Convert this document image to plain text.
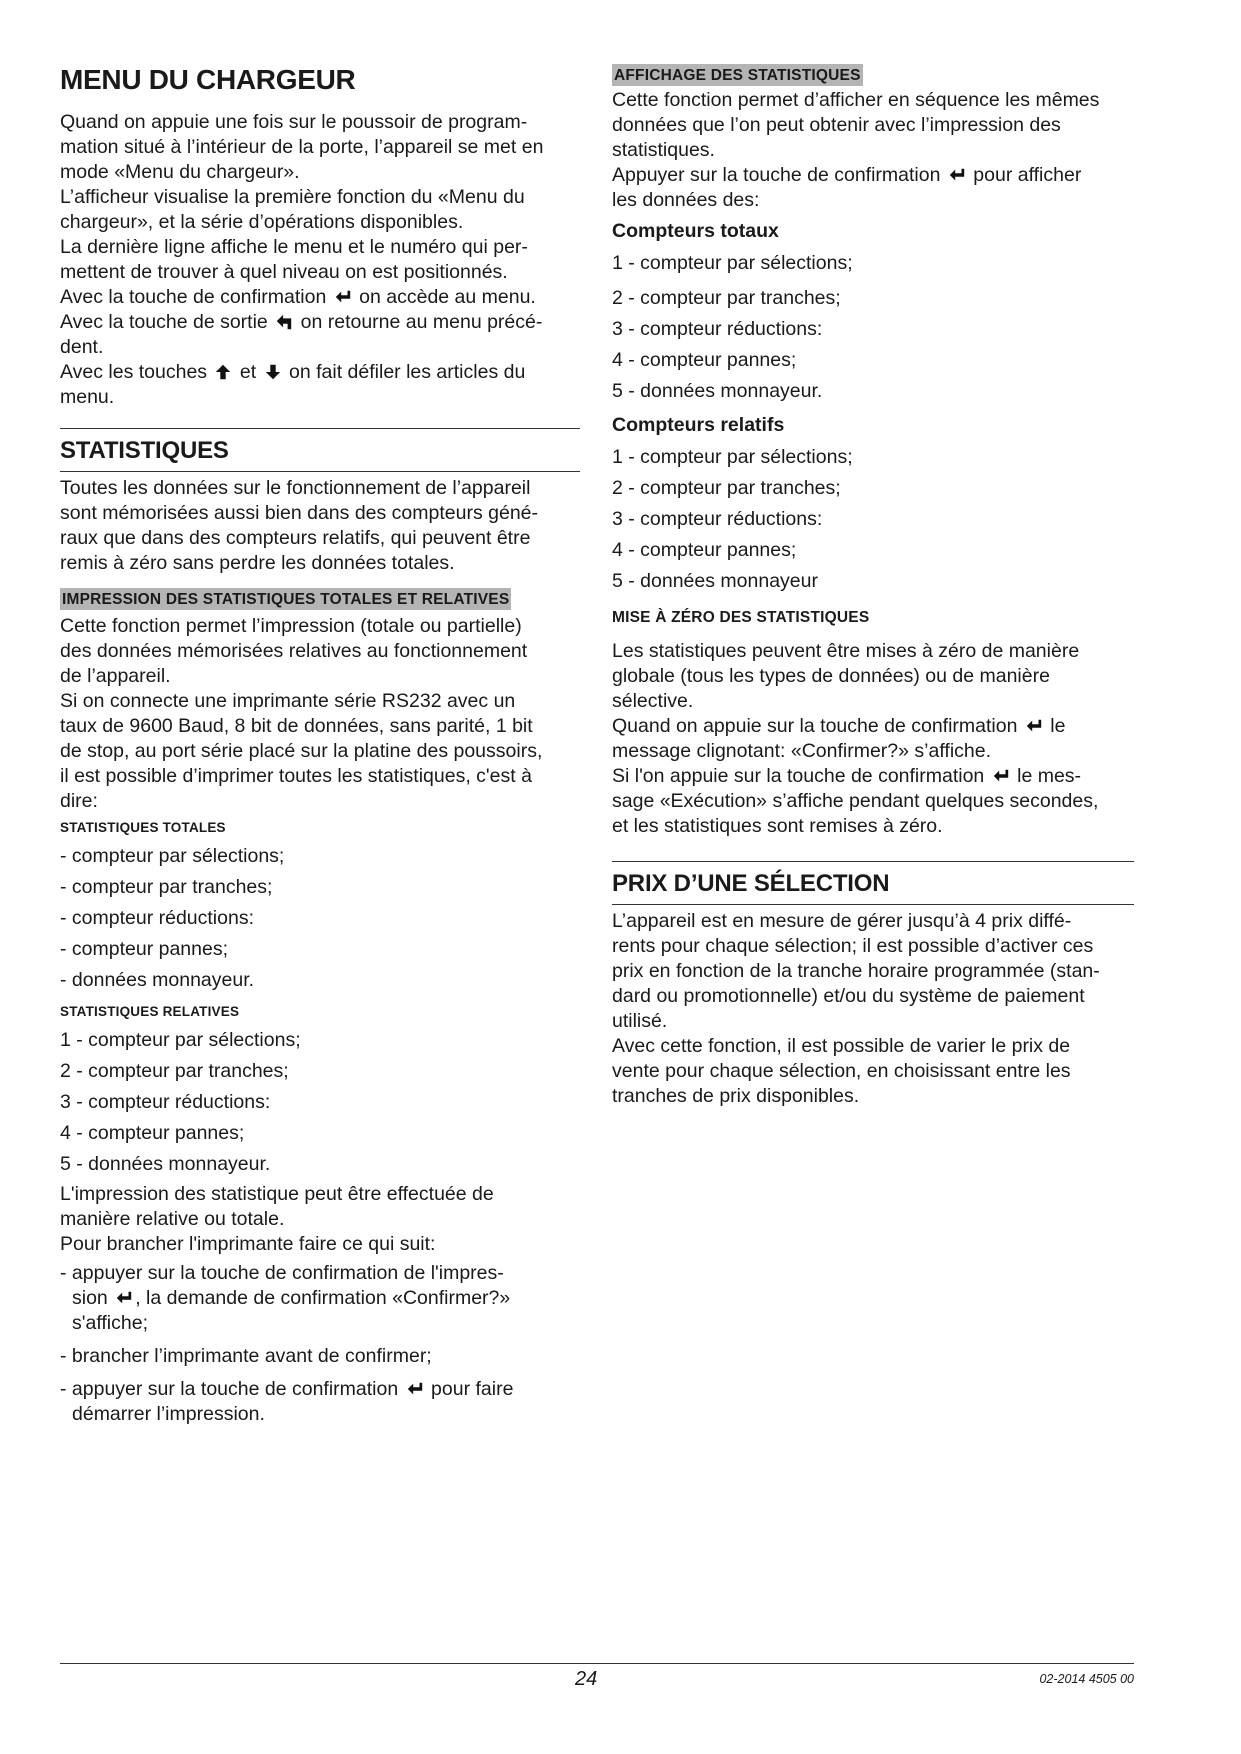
MENU DU CHARGEUR

Quand on appuie une fois sur le poussoir de program-
mation situé à l’intérieur de la porte, l’appareil se met en
mode «Menu du chargeur».
L’afficheur visualise la première fonction du «Menu du
chargeur», et la série d’opérations disponibles.
La dernière ligne affiche le menu et le numéro qui per-
mettent de trouver à quel niveau on est positionnés.
Avec la touche de confirmation on accède au menu.
Avec la touche de sortie on retourne au menu précé-
dent.
Avec les touches et on fait défiler les articles du
menu.

STATISTIQUES

Toutes les données sur le fonctionnement de l’appareil
sont mémorisées aussi bien dans des compteurs géné-
raux que dans des compteurs relatifs, qui peuvent être
remis à zéro sans perdre les données totales.

IMPRESSION DES STATISTIQUES TOTALES ET RELATIVES

Cette fonction permet l’impression (totale ou partielle)
des données mémorisées relatives au fonctionnement
de l’appareil.
Si on connecte une imprimante série RS232 avec un
taux de 9600 Baud, 8 bit de données, sans parité, 1 bit
de stop, au port série placé sur la platine des poussoirs,
il est possible d’imprimer toutes les statistiques, c'est à
dire:

STATISTIQUES TOTALES

- compteur par sélections;

- compteur par tranches;

- compteur réductions:

- compteur pannes;

- données monnayeur.

STATISTIQUES RELATIVES

1 - compteur par sélections;

2 - compteur par tranches;

3 - compteur réductions:

4 - compteur pannes;

5 - données monnayeur.

L'impression des statistique peut être effectuée de
manière relative ou totale.
Pour brancher l'imprimante faire ce qui suit:

- appuyer sur la touche de confirmation de l'impres-
sion , la demande de confirmation «Confirmer?»
s'affiche;

- brancher l’imprimante avant de confirmer;

- appuyer sur la touche de confirmation pour faire
démarrer l’impression.

AFFICHAGE DES STATISTIQUES

Cette fonction permet d’afficher en séquence les mêmes
données que l’on peut obtenir avec l’impression des
statistiques.
Appuyer sur la touche de confirmation pour afficher
les données des:

Compteurs totaux

1 - compteur par sélections;

2 - compteur par tranches;

3 - compteur réductions:

4 - compteur pannes;

5 - données monnayeur.

Compteurs relatifs

1 - compteur par sélections;

2 - compteur par tranches;

3 - compteur réductions:

4 - compteur pannes;

5 - données monnayeur

MISE À ZÉRO DES STATISTIQUES

Les statistiques peuvent être mises à zéro de manière
globale (tous les types de données) ou de manière
sélective.
Quand on appuie sur la touche de confirmation le
message clignotant: «Confirmer?» s’affiche.
Si l'on appuie sur la touche de confirmation le mes-
sage «Exécution» s’affiche pendant quelques secondes,
et les statistiques sont remises à zéro.

PRIX D’UNE SÉLECTION

L’appareil est en mesure de gérer jusqu’à 4 prix diffé-
rents pour chaque sélection; il est possible d’activer ces
prix en fonction de la tranche horaire programmée (stan-
dard ou promotionnelle) et/ou du système de paiement
utilisé.
Avec cette fonction, il est possible de varier le prix de
vente pour chaque sélection, en choisissant entre les
tranches de prix disponibles.

24	02-2014 4505 00
